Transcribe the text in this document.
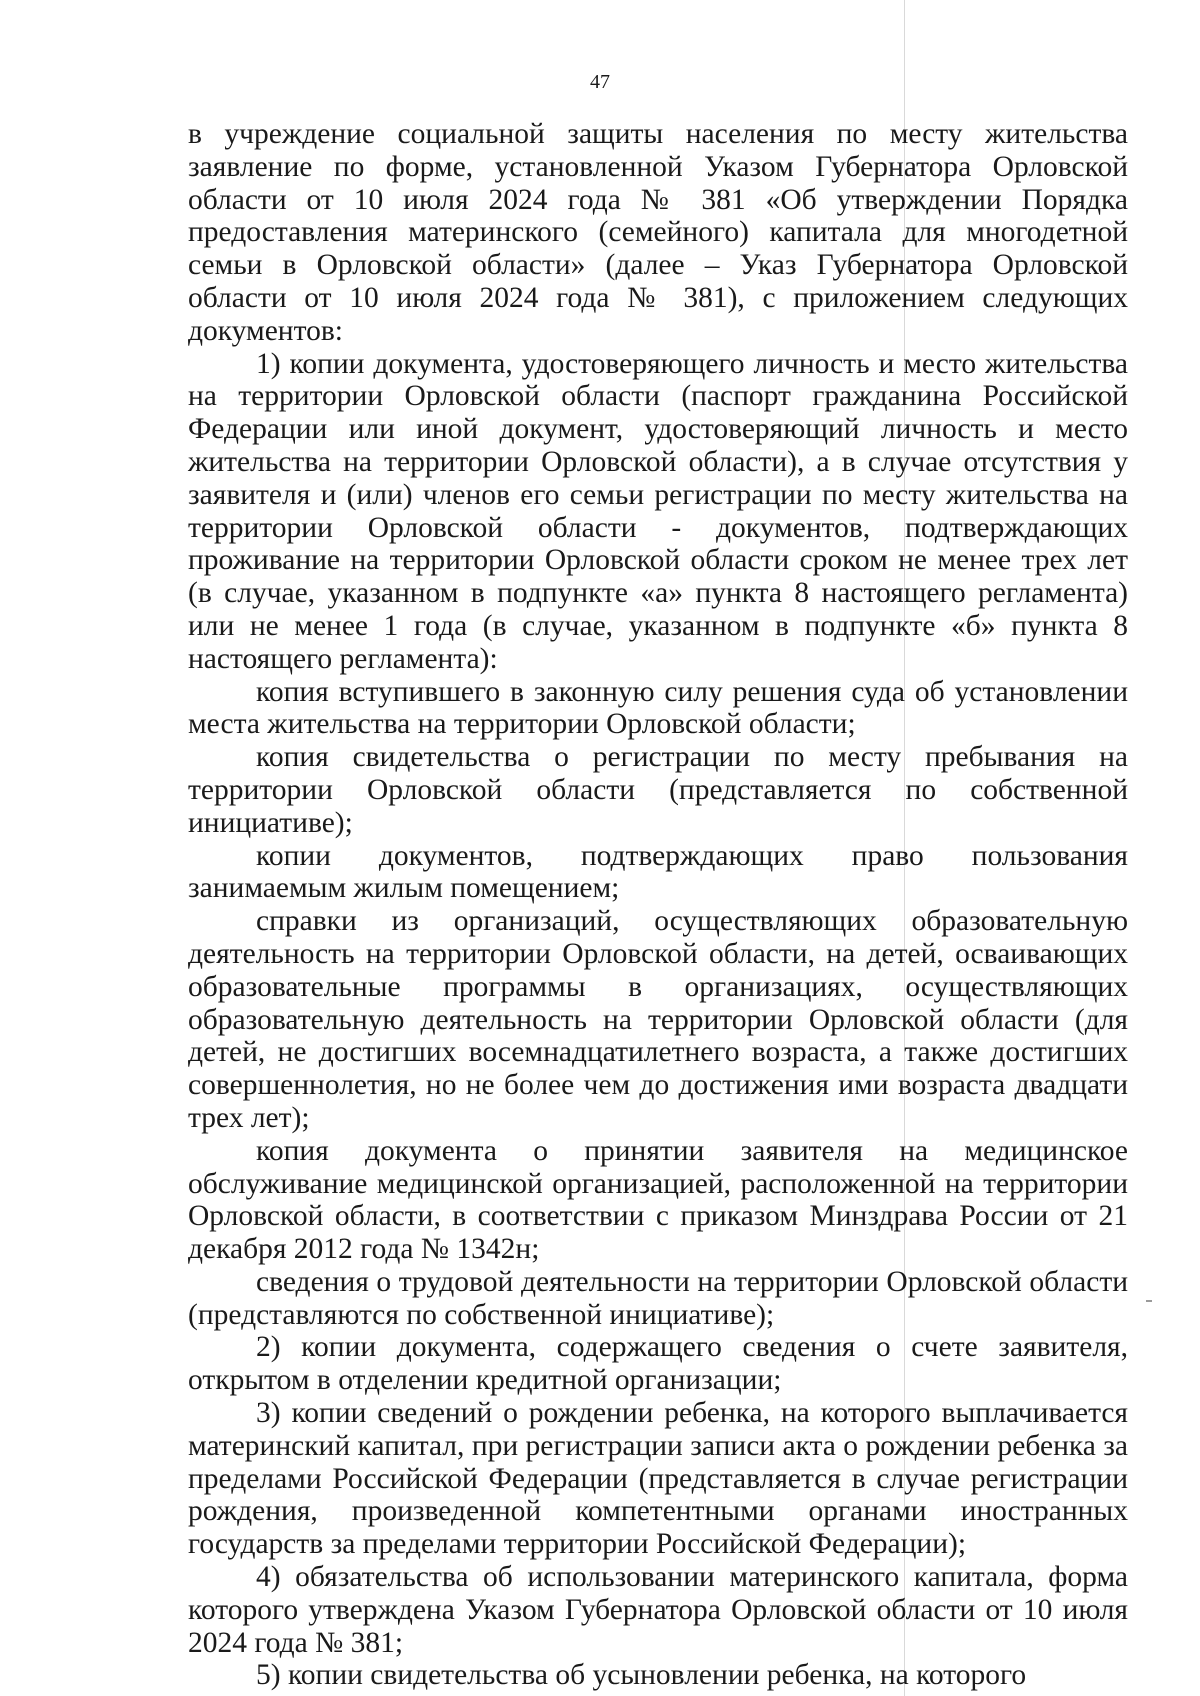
47

в учреждение социальной защиты населения по месту жительства заявление по форме, установленной Указом Губернатора Орловской области от 10 июля 2024 года № 381 «Об утверждении Порядка предоставления материнского (семейного) капитала для многодетной семьи в Орловской области» (далее – Указ Губернатора Орловской области от 10 июля 2024 года № 381), с приложением следующих документов:

1) копии документа, удостоверяющего личность и место жительства на территории Орловской области (паспорт гражданина Российской Федерации или иной документ, удостоверяющий личность и место жительства на территории Орловской области), а в случае отсутствия у заявителя и (или) членов его семьи регистрации по месту жительства на территории Орловской области - документов, подтверждающих проживание на территории Орловской области сроком не менее трех лет (в случае, указанном в подпункте «а» пункта 8 настоящего регламента) или не менее 1 года (в случае, указанном в подпункте «б» пункта 8 настоящего регламента):

копия вступившего в законную силу решения суда об установлении места жительства на территории Орловской области;

копия свидетельства о регистрации по месту пребывания на территории Орловской области (представляется по собственной инициативе);

копии документов, подтверждающих право пользования занимаемым жилым помещением;

справки из организаций, осуществляющих образовательную деятельность на территории Орловской области, на детей, осваивающих образовательные программы в организациях, осуществляющих образовательную деятельность на территории Орловской области (для детей, не достигших восемнадцатилетнего возраста, а также достигших совершеннолетия, но не более чем до достижения ими возраста двадцати трех лет);

копия документа о принятии заявителя на медицинское обслуживание медицинской организацией, расположенной на территории Орловской области, в соответствии с приказом Минздрава России от 21 декабря 2012 года № 1342н;

сведения о трудовой деятельности на территории Орловской области (представляются по собственной инициативе);

2) копии документа, содержащего сведения о счете заявителя, открытом в отделении кредитной организации;

3) копии сведений о рождении ребенка, на которого выплачивается материнский капитал, при регистрации записи акта о рождении ребенка за пределами Российской Федерации (представляется в случае регистрации рождения, произведенной компетентными органами иностранных государств за пределами территории Российской Федерации);

4) обязательства об использовании материнского капитала, форма которого утверждена Указом Губернатора Орловской области от 10 июля 2024 года № 381;

5) копии свидетельства об усыновлении ребенка, на которого
